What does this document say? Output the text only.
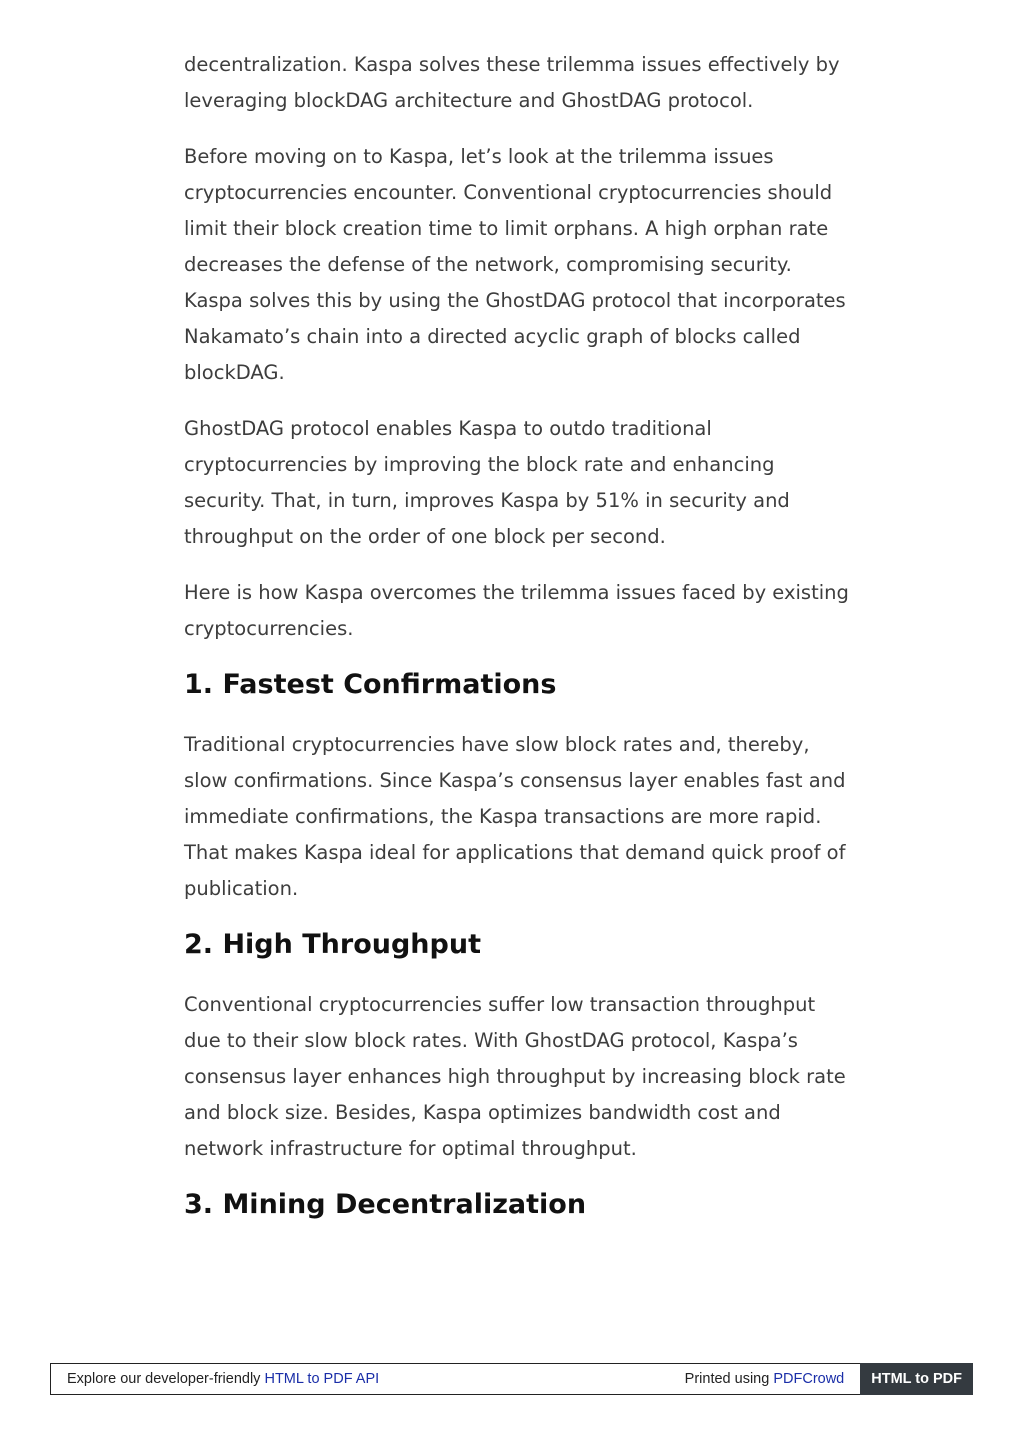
decentralization. Kaspa solves these trilemma issues effectively by leveraging blockDAG architecture and GhostDAG protocol.

Before moving on to Kaspa, let’s look at the trilemma issues cryptocurrencies encounter. Conventional cryptocurrencies should limit their block creation time to limit orphans. A high orphan rate decreases the defense of the network, compromising security. Kaspa solves this by using the GhostDAG protocol that incorporates Nakamato’s chain into a directed acyclic graph of blocks called blockDAG.

GhostDAG protocol enables Kaspa to outdo traditional cryptocurrencies by improving the block rate and enhancing security. That, in turn, improves Kaspa by 51% in security and throughput on the order of one block per second.

Here is how Kaspa overcomes the trilemma issues faced by existing cryptocurrencies.

1. Fastest Confirmations

Traditional cryptocurrencies have slow block rates and, thereby, slow confirmations. Since Kaspa’s consensus layer enables fast and immediate confirmations, the Kaspa transactions are more rapid. That makes Kaspa ideal for applications that demand quick proof of publication.

2. High Throughput

Conventional cryptocurrencies suffer low transaction throughput due to their slow block rates. With GhostDAG protocol, Kaspa’s consensus layer enhances high throughput by increasing block rate and block size. Besides, Kaspa optimizes bandwidth cost and network infrastructure for optimal throughput.

3. Mining Decentralization
Explore our developer-friendly HTML to PDF API	Printed using PDFCrowd	HTML to PDF
